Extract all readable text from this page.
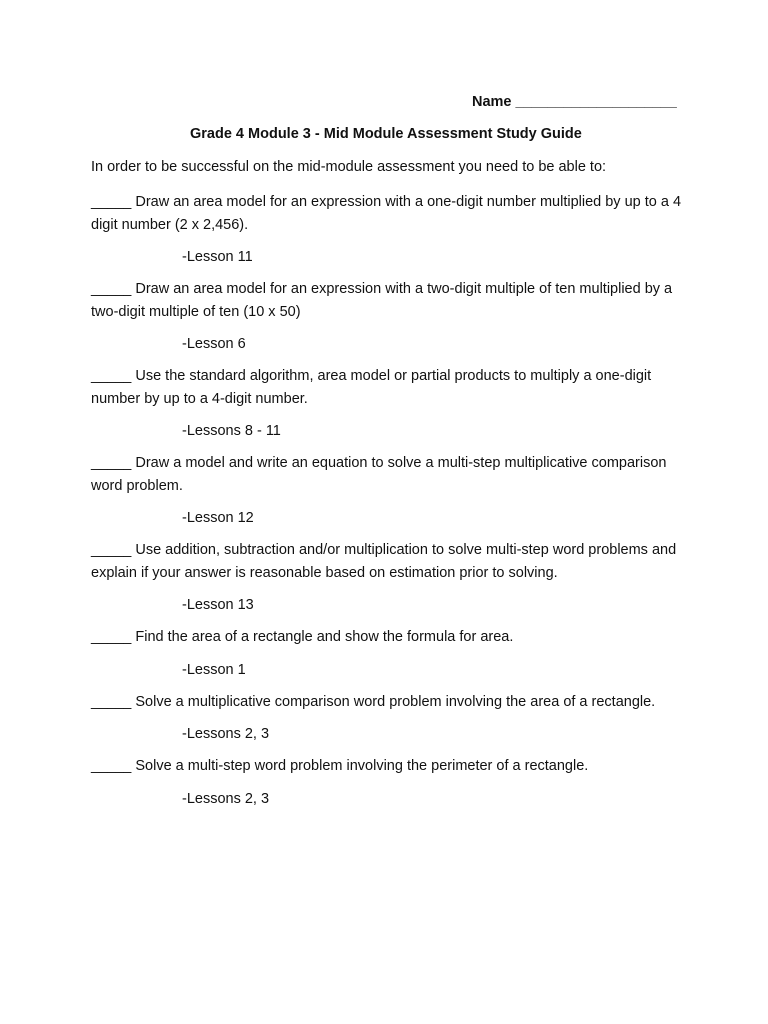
Name ____________________
Grade 4 Module 3 - Mid Module Assessment Study Guide
In order to be successful on the mid-module assessment you need to be able to:

_____ Draw an area model for an expression with a one-digit number multiplied by up to a 4 digit number (2 x 2,456).

-Lesson 11

_____ Draw an area model for an expression with a two-digit multiple of ten multiplied by a two-digit multiple of ten (10 x 50)

-Lesson 6

_____ Use the standard algorithm, area model or partial products to multiply a one-digit number by up to a 4-digit number.

-Lessons 8 - 11

_____ Draw a model and write an equation to solve a multi-step multiplicative comparison word problem.

-Lesson 12

_____ Use addition, subtraction and/or multiplication to solve multi-step word problems and explain if your answer is reasonable based on estimation prior to solving.

-Lesson 13

_____ Find the area of a rectangle and show the formula for area.

-Lesson 1

_____ Solve a multiplicative comparison word problem involving the area of a rectangle.

-Lessons 2, 3

_____ Solve a multi-step word problem involving the perimeter of a rectangle.

-Lessons 2, 3
